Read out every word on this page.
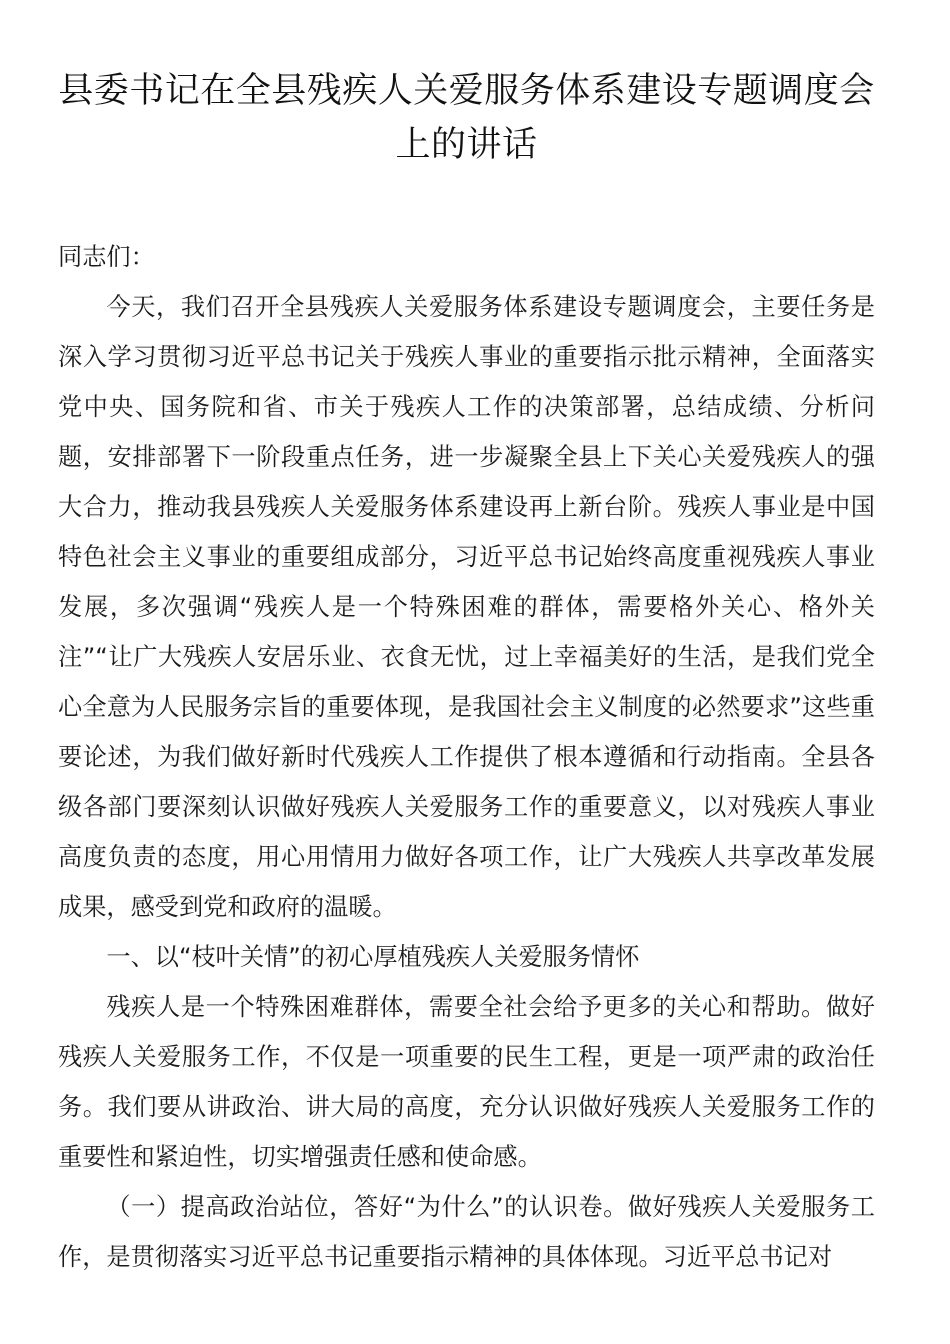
县委书记在全县残疾人关爱服务体系建设专题调度会上的讲话

同志们：

今天，我们召开全县残疾人关爱服务体系建设专题调度会，主要任务是深入学习贯彻习近平总书记关于残疾人事业的重要指示批示精神，全面落实党中央、国务院和省、市关于残疾人工作的决策部署，总结成绩、分析问题，安排部署下一阶段重点任务，进一步凝聚全县上下关心关爱残疾人的强大合力，推动我县残疾人关爱服务体系建设再上新台阶。残疾人事业是中国特色社会主义事业的重要组成部分，习近平总书记始终高度重视残疾人事业发展，多次强调“残疾人是一个特殊困难的群体，需要格外关心、格外关注”“让广大残疾人安居乐业、衣食无忧，过上幸福美好的生活，是我们党全心全意为人民服务宗旨的重要体现，是我国社会主义制度的必然要求”这些重要论述，为我们做好新时代残疾人工作提供了根本遵循和行动指南。全县各级各部门要深刻认识做好残疾人关爱服务工作的重要意义，以对残疾人事业高度负责的态度，用心用情用力做好各项工作，让广大残疾人共享改革发展成果，感受到党和政府的温暖。

一、以“枝叶关情”的初心厚植残疾人关爱服务情怀

残疾人是一个特殊困难群体，需要全社会给予更多的关心和帮助。做好残疾人关爱服务工作，不仅是一项重要的民生工程，更是一项严肃的政治任务。我们要从讲政治、讲大局的高度，充分认识做好残疾人关爱服务工作的重要性和紧迫性，切实增强责任感和使命感。

（一）提高政治站位，答好“为什么”的认识卷。做好残疾人关爱服务工作，是贯彻落实习近平总书记重要指示精神的具体体现。习近平总书记对
